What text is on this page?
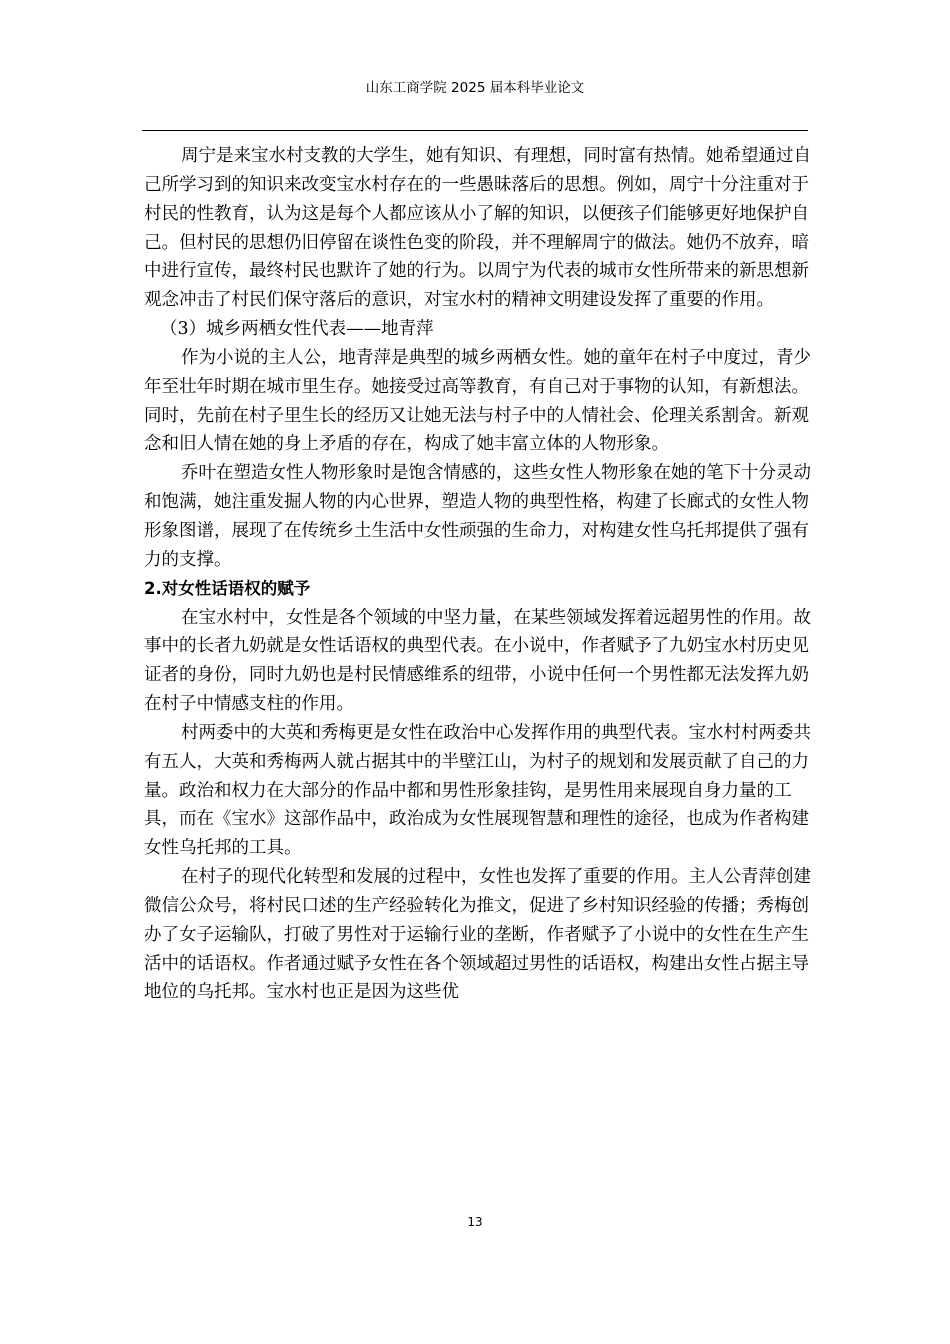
山东工商学院 2025 届本科毕业论文

周宁是来宝水村支教的大学生，她有知识、有理想，同时富有热情。她希望通过自己所学习到的知识来改变宝水村存在的一些愚昧落后的思想。例如，周宁十分注重对于村民的性教育，认为这是每个人都应该从小了解的知识，以便孩子们能够更好地保护自己。但村民的思想仍旧停留在谈性色变的阶段，并不理解周宁的做法。她仍不放弃，暗中进行宣传，最终村民也默许了她的行为。以周宁为代表的城市女性所带来的新思想新观念冲击了村民们保守落后的意识，对宝水村的精神文明建设发挥了重要的作用。

（3）城乡两栖女性代表——地青萍

作为小说的主人公，地青萍是典型的城乡两栖女性。她的童年在村子中度过，青少年至壮年时期在城市里生存。她接受过高等教育，有自己对于事物的认知，有新想法。同时，先前在村子里生长的经历又让她无法与村子中的人情社会、伦理关系割舍。新观念和旧人情在她的身上矛盾的存在，构成了她丰富立体的人物形象。

乔叶在塑造女性人物形象时是饱含情感的，这些女性人物形象在她的笔下十分灵动和饱满，她注重发掘人物的内心世界，塑造人物的典型性格，构建了长廊式的女性人物形象图谱，展现了在传统乡土生活中女性顽强的生命力，对构建女性乌托邦提供了强有力的支撑。

2.对女性话语权的赋予

在宝水村中，女性是各个领域的中坚力量，在某些领域发挥着远超男性的作用。故事中的长者九奶就是女性话语权的典型代表。在小说中，作者赋予了九奶宝水村历史见证者的身份，同时九奶也是村民情感维系的纽带，小说中任何一个男性都无法发挥九奶在村子中情感支柱的作用。

村两委中的大英和秀梅更是女性在政治中心发挥作用的典型代表。宝水村村两委共有五人，大英和秀梅两人就占据其中的半壁江山，为村子的规划和发展贡献了自己的力量。政治和权力在大部分的作品中都和男性形象挂钩，是男性用来展现自身力量的工具，而在《宝水》这部作品中，政治成为女性展现智慧和理性的途径，也成为作者构建女性乌托邦的工具。

在村子的现代化转型和发展的过程中，女性也发挥了重要的作用。主人公青萍创建微信公众号，将村民口述的生产经验转化为推文，促进了乡村知识经验的传播；秀梅创办了女子运输队，打破了男性对于运输行业的垄断，作者赋予了小说中的女性在生产生活中的话语权。作者通过赋予女性在各个领域超过男性的话语权，构建出女性占据主导地位的乌托邦。宝水村也正是因为这些优

13
